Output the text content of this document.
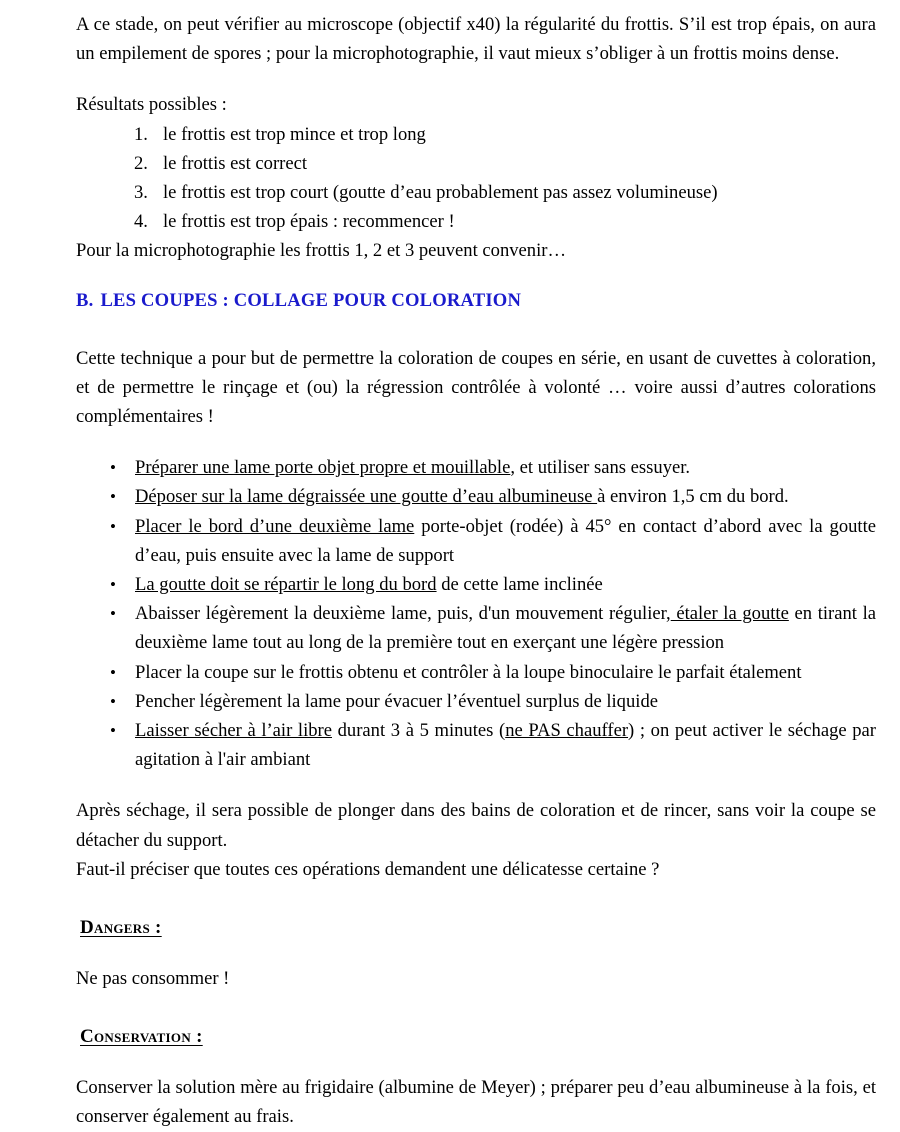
A ce stade, on peut vérifier au microscope (objectif x40) la régularité du frottis. S’il est trop épais, on aura un empilement de spores ; pour la microphotographie, il vaut mieux s’obliger à un frottis moins dense.

Résultats possibles :

1. le frottis est trop mince et trop long
2. le frottis est correct
3. le frottis est trop court (goutte d’eau probablement pas assez volumineuse)
4. le frottis est trop épais : recommencer !

Pour la microphotographie les frottis 1, 2 et 3 peuvent convenir…

B. LES COUPES : COLLAGE POUR COLORATION

Cette technique a pour but de permettre la coloration de coupes en série, en usant de cuvettes à coloration, et de permettre le rinçage et (ou) la régression contrôlée à volonté … voire aussi d’autres colorations complémentaires !

• Préparer une lame porte objet propre et mouillable, et utiliser sans essuyer.
• Déposer sur la lame dégraissée une goutte d’eau albumineuse à environ 1,5 cm du bord.
• Placer le bord d’une deuxième lame porte-objet (rodée) à 45° en contact d’abord avec la goutte d’eau, puis ensuite avec la lame de support
• La goutte doit se répartir le long du bord de cette lame inclinée
• Abaisser légèrement la deuxième lame, puis, d'un mouvement régulier, étaler la goutte en tirant la deuxième lame tout au long de la première tout en exerçant une légère pression
• Placer la coupe sur le frottis obtenu et contrôler à la loupe binoculaire le parfait étalement
• Pencher légèrement la lame pour évacuer l’éventuel surplus de liquide
• Laisser sécher à l’air libre durant 3 à 5 minutes (ne PAS chauffer) ; on peut activer le séchage par agitation à l'air ambiant

Après séchage, il sera possible de plonger dans des bains de coloration et de rincer, sans voir la coupe se détacher du support.

Faut-il préciser que toutes ces opérations demandent une délicatesse certaine ?

Dangers :

Ne pas consommer !

Conservation :

Conserver la solution mère au frigidaire (albumine de Meyer) ; préparer peu d’eau albumineuse à la fois, et conserver également au frais.
